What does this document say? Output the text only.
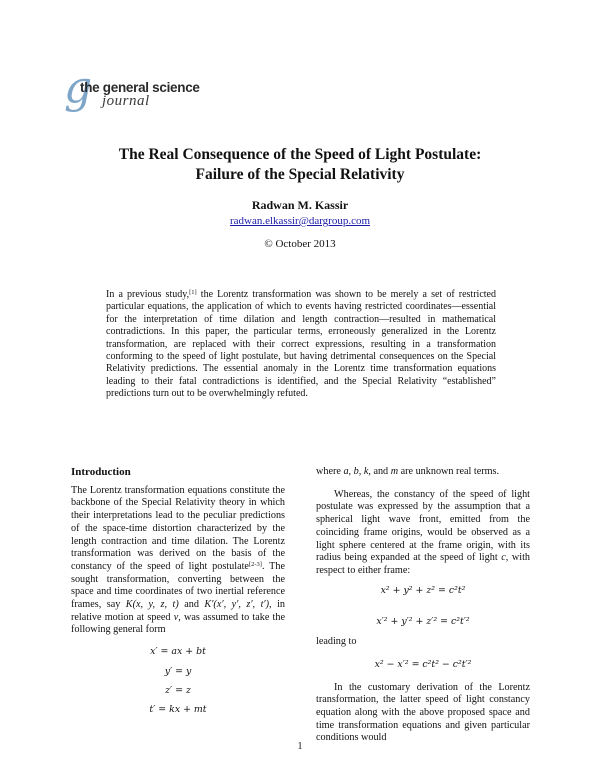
g
the general science
journal
The Real Consequence of the Speed of Light Postulate:
Failure of the Special Relativity
Radwan M. Kassir
radwan.elkassir@dargroup.com
© October 2013
In a previous study,[1] the Lorentz transformation was shown to be merely a set of restricted particular equations, the application of which to events having restricted coordinates—essential for the interpretation of time dilation and length contraction—resulted in mathematical contradictions. In this paper, the particular terms, erroneously generalized in the Lorentz transformation, are replaced with their correct expressions, resulting in a transformation conforming to the speed of light postulate, but having detrimental consequences on the Special Relativity predictions. The essential anomaly in the Lorentz time transformation equations leading to their fatal contradictions is identified, and the Special Relativity “established” predictions turn out to be overwhelmingly refuted.
Introduction

The Lorentz transformation equations constitute the backbone of the Special Relativity theory in which their interpretations lead to the peculiar predictions of the space-time distortion characterized by the length contraction and time dilation. The Lorentz transformation was derived on the basis of the constancy of the speed of light postulate[2-3]. The sought transformation, converting between the space and time coordinates of two inertial reference frames, say K(x, y, z, t) and K′(x′, y′, z′, t′), in relative motion at speed v, was assumed to take the following general form

x′ = ax + bt
y′ = y
z′ = z
t′ = kx + mt

where a, b, k, and m are unknown real terms.

Whereas, the constancy of the speed of light postulate was expressed by the assumption that a spherical light wave front, emitted from the coinciding frame origins, would be observed as a light sphere centered at the frame origin, with its radius being expanded at the speed of light c, with respect to either frame:

x² + y² + z² = c²t²
x′² + y′² + z′² = c²t′²

leading to

x² − x′² = c²t² − c²t′²

In the customary derivation of the Lorentz transformation, the latter speed of light constancy equation along with the above proposed space and time transformation equations and given particular conditions would

1
